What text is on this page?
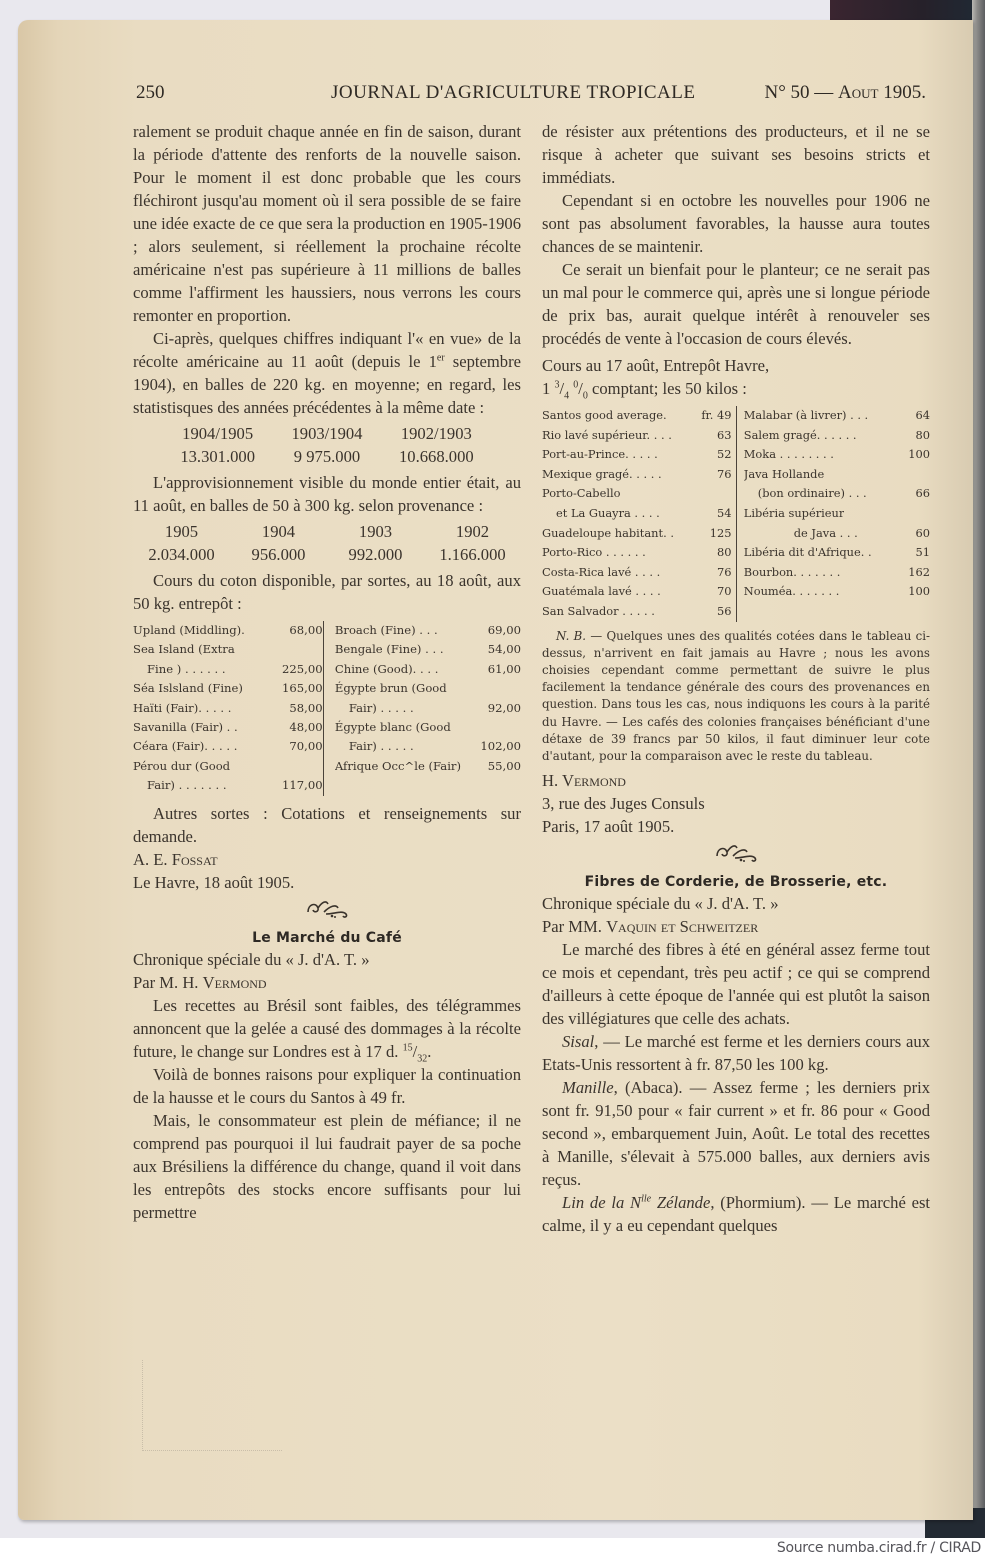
250	JOURNAL D'AGRICULTURE TROPICALE	N° 50 — Aout 1905.

ralement se produit chaque année en fin de saison, durant la période d'attente des renforts de la nouvelle saison. Pour le moment il est donc probable que les cours fléchiront jusqu'au moment où il sera possible de se faire une idée exacte de ce que sera la production en 1905-1906 ; alors seulement, si réellement la prochaine récolte américaine n'est pas supérieure à 11 millions de balles comme l'affirment les haussiers, nous verrons les cours remonter en proportion.

Ci-après, quelques chiffres indiquant l'« en vue» de la récolte américaine au 11 août (depuis le 1er septembre 1904), en balles de 220 kg. en moyenne; en regard, les statistisques des années précédentes à la même date :

1904/1905	1903/1904	1902/1903
13.301.000	9 975.000	10.668.000

L'approvisionnement visible du monde entier était, au 11 août, en balles de 50 à 300 kg. selon provenance :

1905	1904	1903	1902
2.034.000	956.000	992.000	1.166.000

Cours du coton disponible, par sortes, au 18 août, aux 50 kg. entrepôt :

Upland (Middling).	68,00
Sea Island (Extra
Fine ) . . . . . .	225,00
Séa Islsland (Fine)	165,00
Haïti (Fair). . . . .	58,00
Savanilla (Fair) . .	48,00
Céara (Fair). . . . .	70,00
Pérou dur (Good
Fair) . . . . . . .	117,00

Broach (Fine) . . .	69,00
Bengale (Fine) . . .	54,00
Chine (Good). . . .	61,00
Égypte brun (Good
Fair) . . . . .	92,00
Égypte blanc (Good
Fair) . . . . .	102,00
Afrique Occ^le (Fair)	55,00

Autres sortes : Cotations et renseignements sur demande.

A. E. Fossat

Le Havre, 18 août 1905.

Le Marché du Café

Chronique spéciale du « J. d'A. T. »

Par M. H. Vermond

Les recettes au Brésil sont faibles, des télégrammes annoncent que la gelée a causé des dommages à la récolte future, le change sur Londres est à 17 d. $^{15}/_{32}$.

Voilà de bonnes raisons pour expliquer la continuation de la hausse et le cours du Santos à 49 fr.

Mais, le consommateur est plein de méfiance; il ne comprend pas pourquoi il lui faudrait payer de sa poche aux Brésiliens la différence du change, quand il voit dans les entrepôts des stocks encore suffisants pour lui permettre

de résister aux prétentions des producteurs, et il ne se risque à acheter que suivant ses besoins stricts et immédiats.

Cependant si en octobre les nouvelles pour 1906 ne sont pas absolument favorables, la hausse aura toutes chances de se maintenir.

Ce serait un bienfait pour le planteur; ce ne serait pas un mal pour le commerce qui, après une si longue période de prix bas, aurait quelque intérêt à renouveler ses procédés de vente à l'occasion de cours élevés.

Cours au 17 août, Entrepôt Havre,

1 $^3/_4$ $^0/_0$ comptant; les 50 kilos :

Santos good average.	fr. 49
Rio lavé supérieur. . . .	63
Port-au-Prince. . . . .	52
Mexique gragé. . . . .	76
Porto-Cabello
et La Guayra . . . .	54
Guadeloupe habitant. .	125
Porto-Rico . . . . . .	80
Costa-Rica lavé . . . .	76
Guatémala lavé . . . .	70
San Salvador . . . . .	56

Malabar (à livrer) . . .	64
Salem gragé. . . . . .	80
Moka . . . . . . . .	100
Java Hollande
(bon ordinaire) . . .	66
Libéria supérieur
de Java . . .	60
Libéria dit d'Afrique. .	51
Bourbon. . . . . . .	162
Nouméa. . . . . . .	100

N. B. — Quelques unes des qualités cotées dans le tableau ci-dessus, n'arrivent en fait jamais au Havre ; nous les avons choisies cependant comme permettant de suivre le plus facilement la tendance générale des cours des provenances en question. Dans tous les cas, nous indiquons les cours à la parité du Havre. — Les cafés des colonies françaises bénéficiant d'une détaxe de 39 francs par 50 kilos, il faut diminuer leur cote d'autant, pour la comparaison avec le reste du tableau.

H. Vermond

3, rue des Juges Consuls

Paris, 17 août 1905.

Fibres de Corderie, de Brosserie, etc.

Chronique spéciale du « J. d'A. T. »

Par MM. Vaquin et Schweitzer

Le marché des fibres à été en général assez ferme tout ce mois et cependant, très peu actif ; ce qui se comprend d'ailleurs à cette époque de l'année qui est plutôt la saison des villégiatures que celle des achats.

Sisal, — Le marché est ferme et les derniers cours aux Etats-Unis ressortent à fr. 87,50 les 100 kg.

Manille, (Abaca). — Assez ferme ; les derniers prix sont fr. 91,50 pour « fair current » et fr. 86 pour « Good second », embarquement Juin, Août. Le total des recettes à Manille, s'élevait à 575.000 balles, aux derniers avis reçus.

Lin de la $N^{lle}$ Zélande, (Phormium). — Le marché est calme, il y a eu cependant quelques

Source numba.cirad.fr / CIRAD
